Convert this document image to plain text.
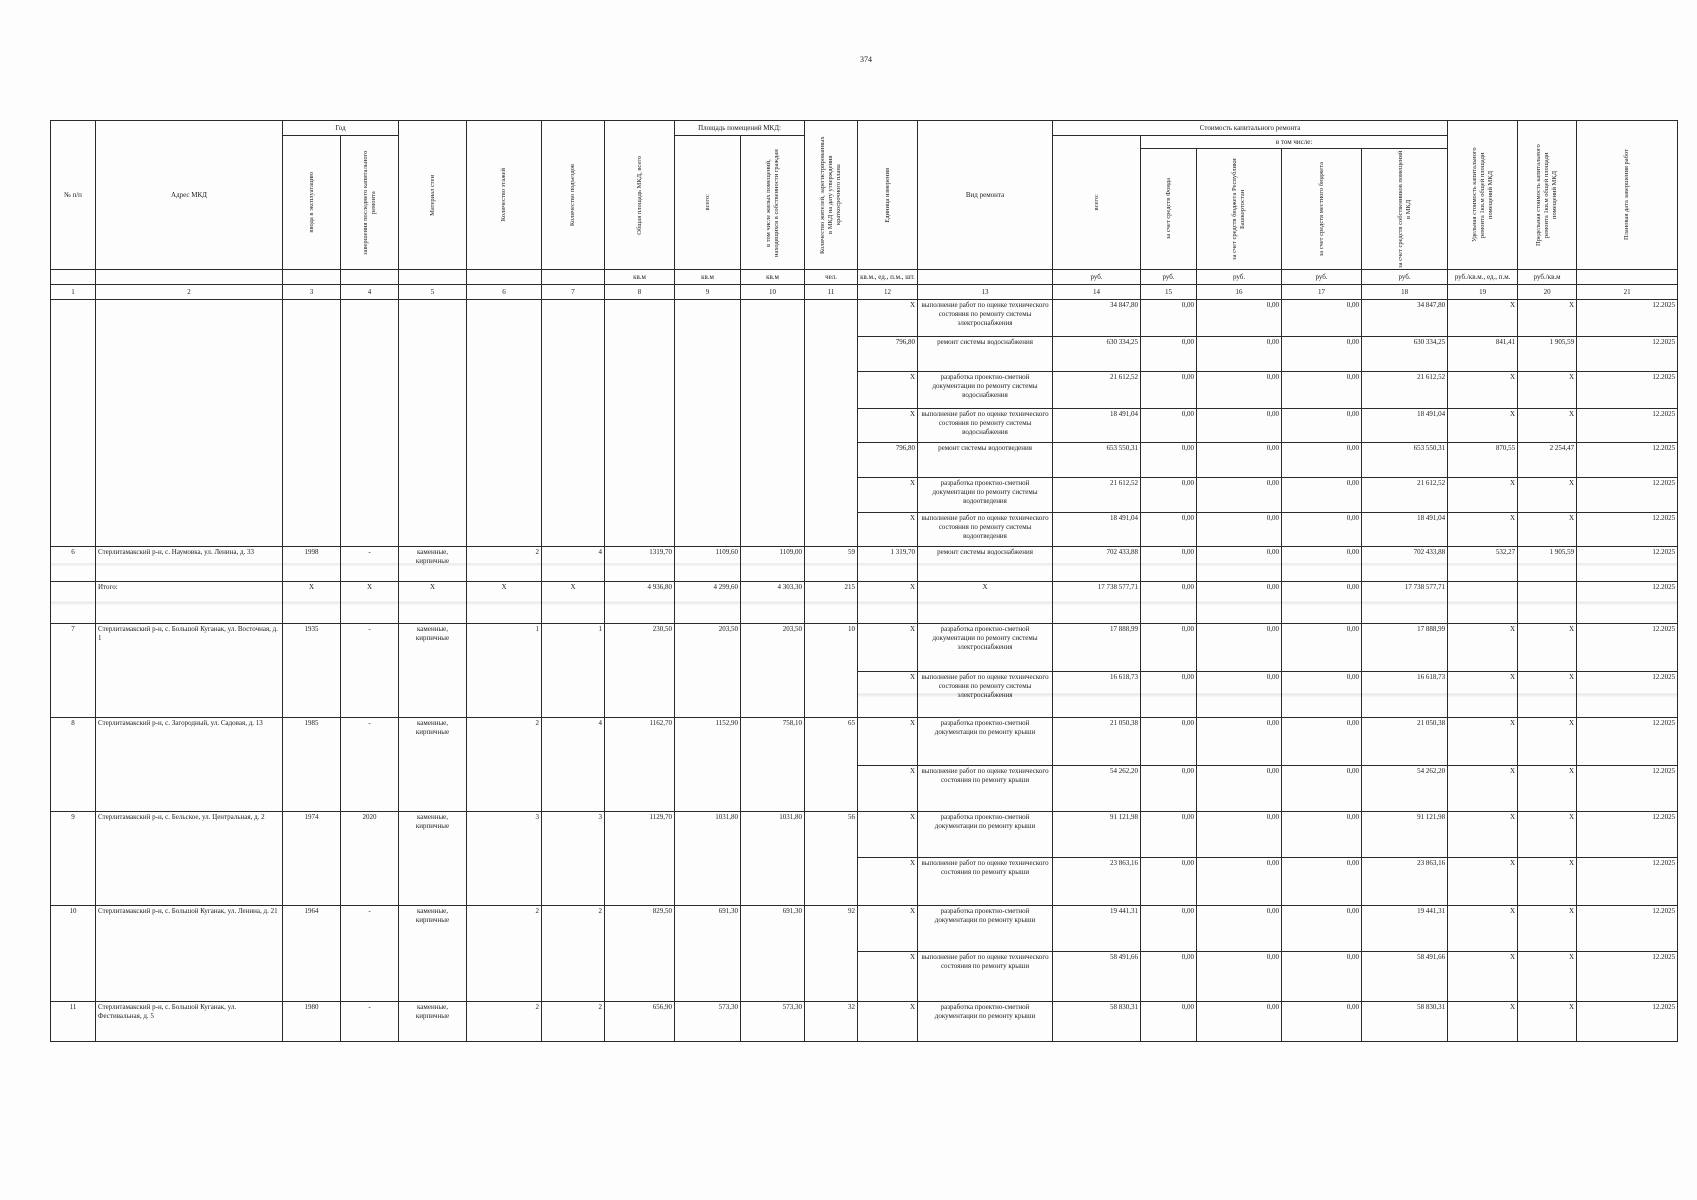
374
№ п/п	Адрес МКД	Год		Материал стен	Количество этажей	Количество подъездов	Общая площадь МКД, всего	Площадь помещений МКД:		Количество жителей, зарегистрированных в МКД на дату утверждения краткосрочного плана	Единица измерения	Вид ремонта	Стоимость капитального ремонта					Удельная стоимость капитального ремонта 1кв.м общей площади помещений МКД	Предельная стоимость капитального ремонта 1кв.м общей площади помещений МКД	Плановая дата завершения работ

		ввода в эксплуатацию	завершения последнего капитального ремонта					всего:	в том числе жилых помещений, находящихся в собственности граждан				всего:	в том числе:						

														за счет средств Фонда	за счет средств бюджета Республики Башкортостан	за счет средств местного бюджета	за счет средств собственников помещений в МКД			

							кв.м	кв.м	кв.м	чел.	кв.м., ед., п.м., шт.		руб.	руб.	руб.	руб.	руб.	руб./кв.м., ед., п.м.	руб./кв.м	
1	2	3	4	5	6	7	8	9	10	11	12	13	14	15	16	17	18	19	20	21
											X	выполнение работ по оценке технического состояния по ремонту системы электроснабжения	34 847,80	0,00	0,00	0,00	34 847,80	X	X	12.2025
											796,80	ремонт системы водоснабжения	630 334,25	0,00	0,00	0,00	630 334,25	841,41	1 905,59	12.2025
											X	разработка проектно-сметной документации по ремонту системы водоснабжения	21 612,52	0,00	0,00	0,00	21 612,52	X	X	12.2025
											X	выполнение работ по оценке технического состояния по ремонту системы водоснабжения	18 491,04	0,00	0,00	0,00	18 491,04	X	X	12.2025
											796,80	ремонт системы водоотведения	653 550,31	0,00	0,00	0,00	653 550,31	870,55	2 254,47	12.2025
											X	разработка проектно-сметной документации по ремонту системы водоотведения	21 612,52	0,00	0,00	0,00	21 612,52	X	X	12.2025
											X	выполнение работ по оценке технического состояния по ремонту системы водоотведения	18 491,04	0,00	0,00	0,00	18 491,04	X	X	12.2025
6	Стерлитамакский р-н, с. Наумовка, ул. Ленина, д. 33	1998	-	каменные, кирпичные	2	4	1319,70	1109,60	1109,00	59	1 319,70	ремонт системы водоснабжения	702 433,88	0,00	0,00	0,00	702 433,88	532,27	1 905,59	12.2025
	Итого:	X	X	X	X	X	4 936,80	4 299,60	4 303,30	215	X	X	17 738 577,71	0,00	0,00	0,00	17 738 577,71			12.2025
7	Стерлитамакский р-н, с. Большой Куганак, ул. Восточная, д. 1	1935	-	каменные, кирпичные	1	1	230,50	203,50	203,50	10	X	разработка проектно-сметной документации по ремонту системы электроснабжения	17 888,99	0,00	0,00	0,00	17 888,99	X	X	12.2025
											X	выполнение работ по оценке технического состояния по ремонту системы электроснабжения	16 618,73	0,00	0,00	0,00	16 618,73	X	X	12.2025
8	Стерлитамакский р-н, с. Загородный, ул. Садовая, д. 13	1985	-	каменные, кирпичные	2	4	1162,70	1152,90	758,10	65	X	разработка проектно-сметной документации по ремонту крыши	21 050,38	0,00	0,00	0,00	21 050,38	X	X	12.2025
											X	выполнение работ по оценке технического состояния по ремонту крыши	54 262,20	0,00	0,00	0,00	54 262,20	X	X	12.2025
9	Стерлитамакский р-н, с. Бельское, ул. Центральная, д. 2	1974	2020	каменные, кирпичные	3	3	1129,70	1031,80	1031,80	56	X	разработка проектно-сметной документации по ремонту крыши	91 121,98	0,00	0,00	0,00	91 121,98	X	X	12.2025
											X	выполнение работ по оценке технического состояния по ремонту крыши	23 863,16	0,00	0,00	0,00	23 863,16	X	X	12.2025
10	Стерлитамакский р-н, с. Большой Куганак, ул. Ленина, д. 21	1964	-	каменные, кирпичные	2	2	829,50	691,30	691,30	92	X	разработка проектно-сметной документации по ремонту крыши	19 441,31	0,00	0,00	0,00	19 441,31	X	X	12.2025
											X	выполнение работ по оценке технического состояния по ремонту крыши	58 491,66	0,00	0,00	0,00	58 491,66	X	X	12.2025
11	Стерлитамакский р-н, с. Большой Куганак, ул. Фестивальная, д. 5	1980	-	каменные, кирпичные	2	2	656,90	573,30	573,30	32	X	разработка проектно-сметной документации по ремонту крыши	58 830,31	0,00	0,00	0,00	58 830,31	X	X	12.2025
